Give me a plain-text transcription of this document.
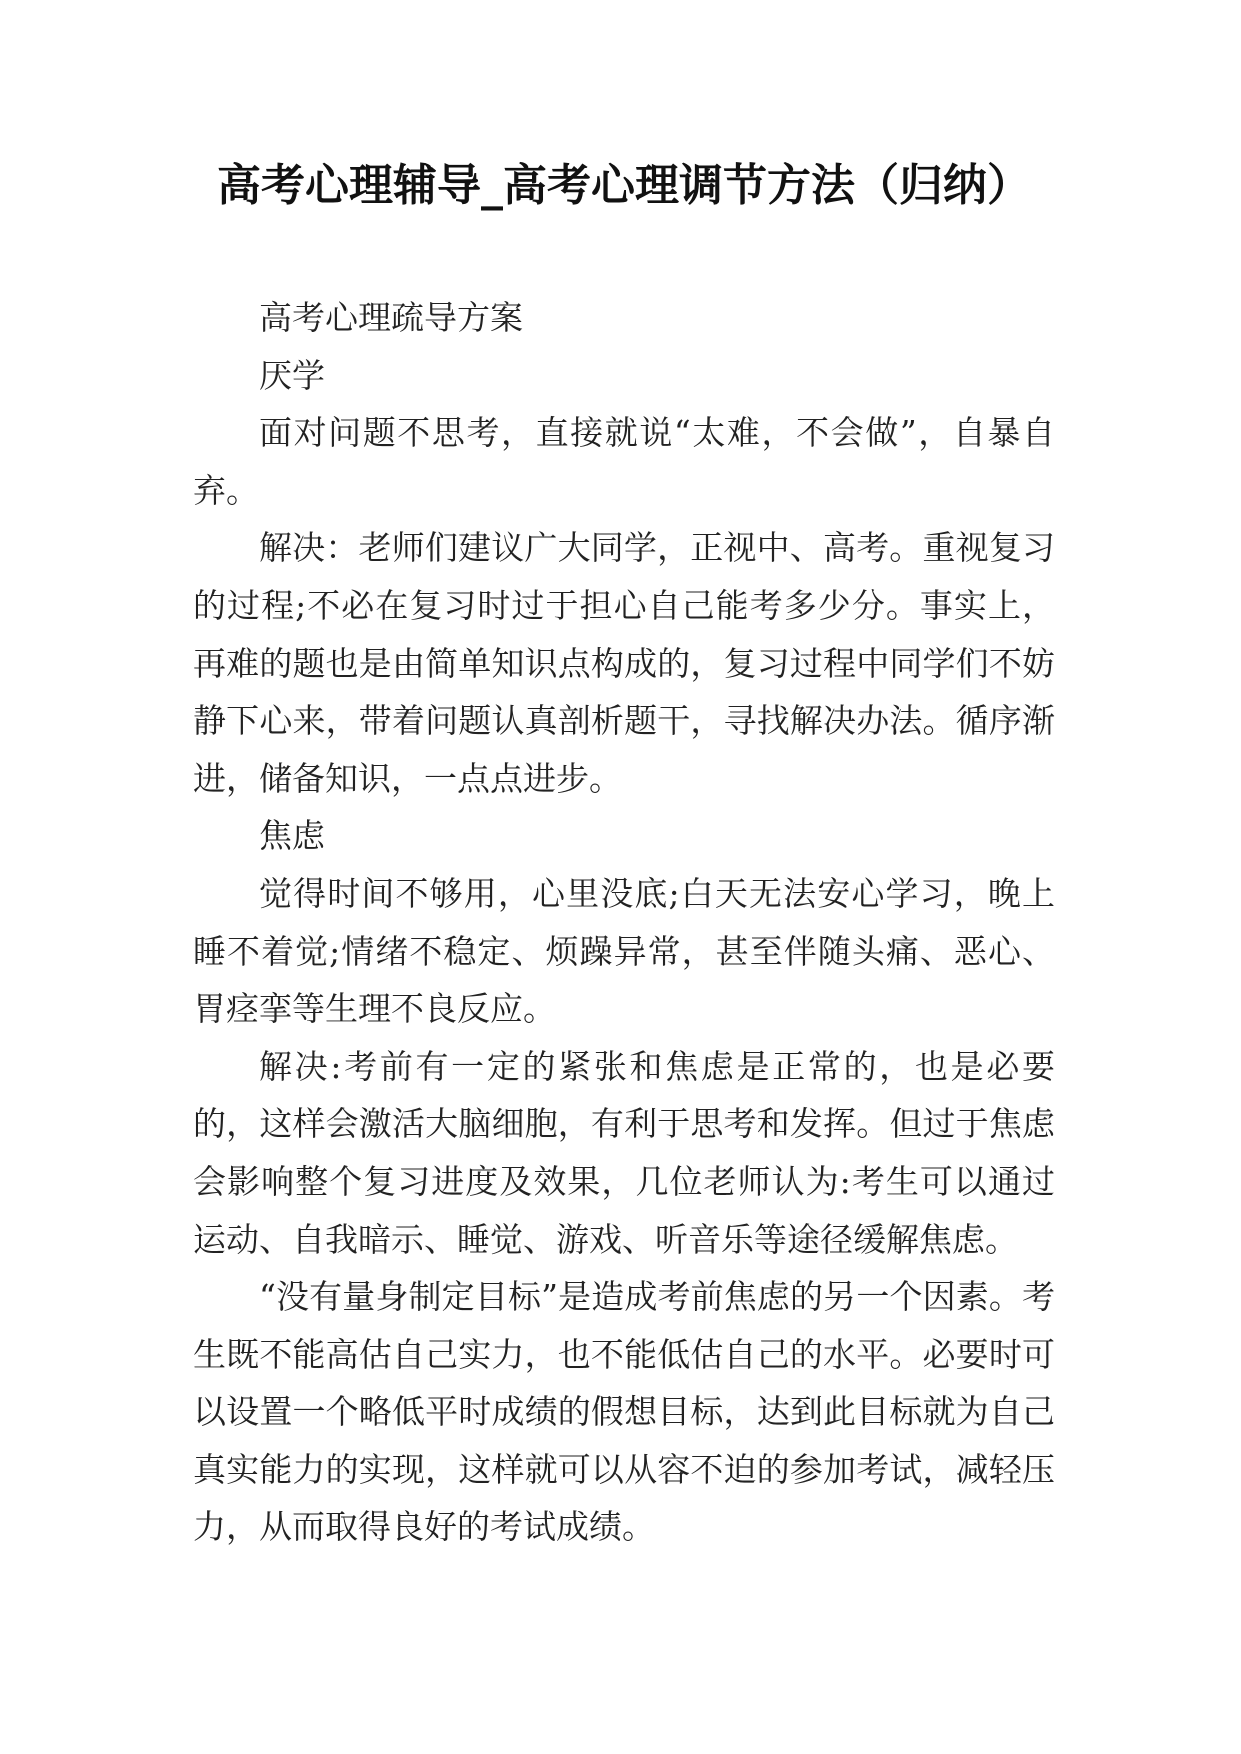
高考心理辅导_高考心理调节方法（归纳）

高考心理疏导方案

厌学

面对问题不思考，直接就说“太难，不会做”，自暴自弃。

解决：老师们建议广大同学，正视中、高考。重视复习的过程;不必在复习时过于担心自己能考多少分。事实上，再难的题也是由简单知识点构成的，复习过程中同学们不妨静下心来，带着问题认真剖析题干，寻找解决办法。循序渐进，储备知识，一点点进步。

焦虑

觉得时间不够用，心里没底;白天无法安心学习，晚上睡不着觉;情绪不稳定、烦躁异常，甚至伴随头痛、恶心、胃痉挛等生理不良反应。

解决:考前有一定的紧张和焦虑是正常的，也是必要的，这样会激活大脑细胞，有利于思考和发挥。但过于焦虑会影响整个复习进度及效果，几位老师认为:考生可以通过运动、自我暗示、睡觉、游戏、听音乐等途径缓解焦虑。

“没有量身制定目标”是造成考前焦虑的另一个因素。考生既不能高估自己实力，也不能低估自己的水平。必要时可以设置一个略低平时成绩的假想目标，达到此目标就为自己真实能力的实现，这样就可以从容不迫的参加考试，减轻压力，从而取得良好的考试成绩。
